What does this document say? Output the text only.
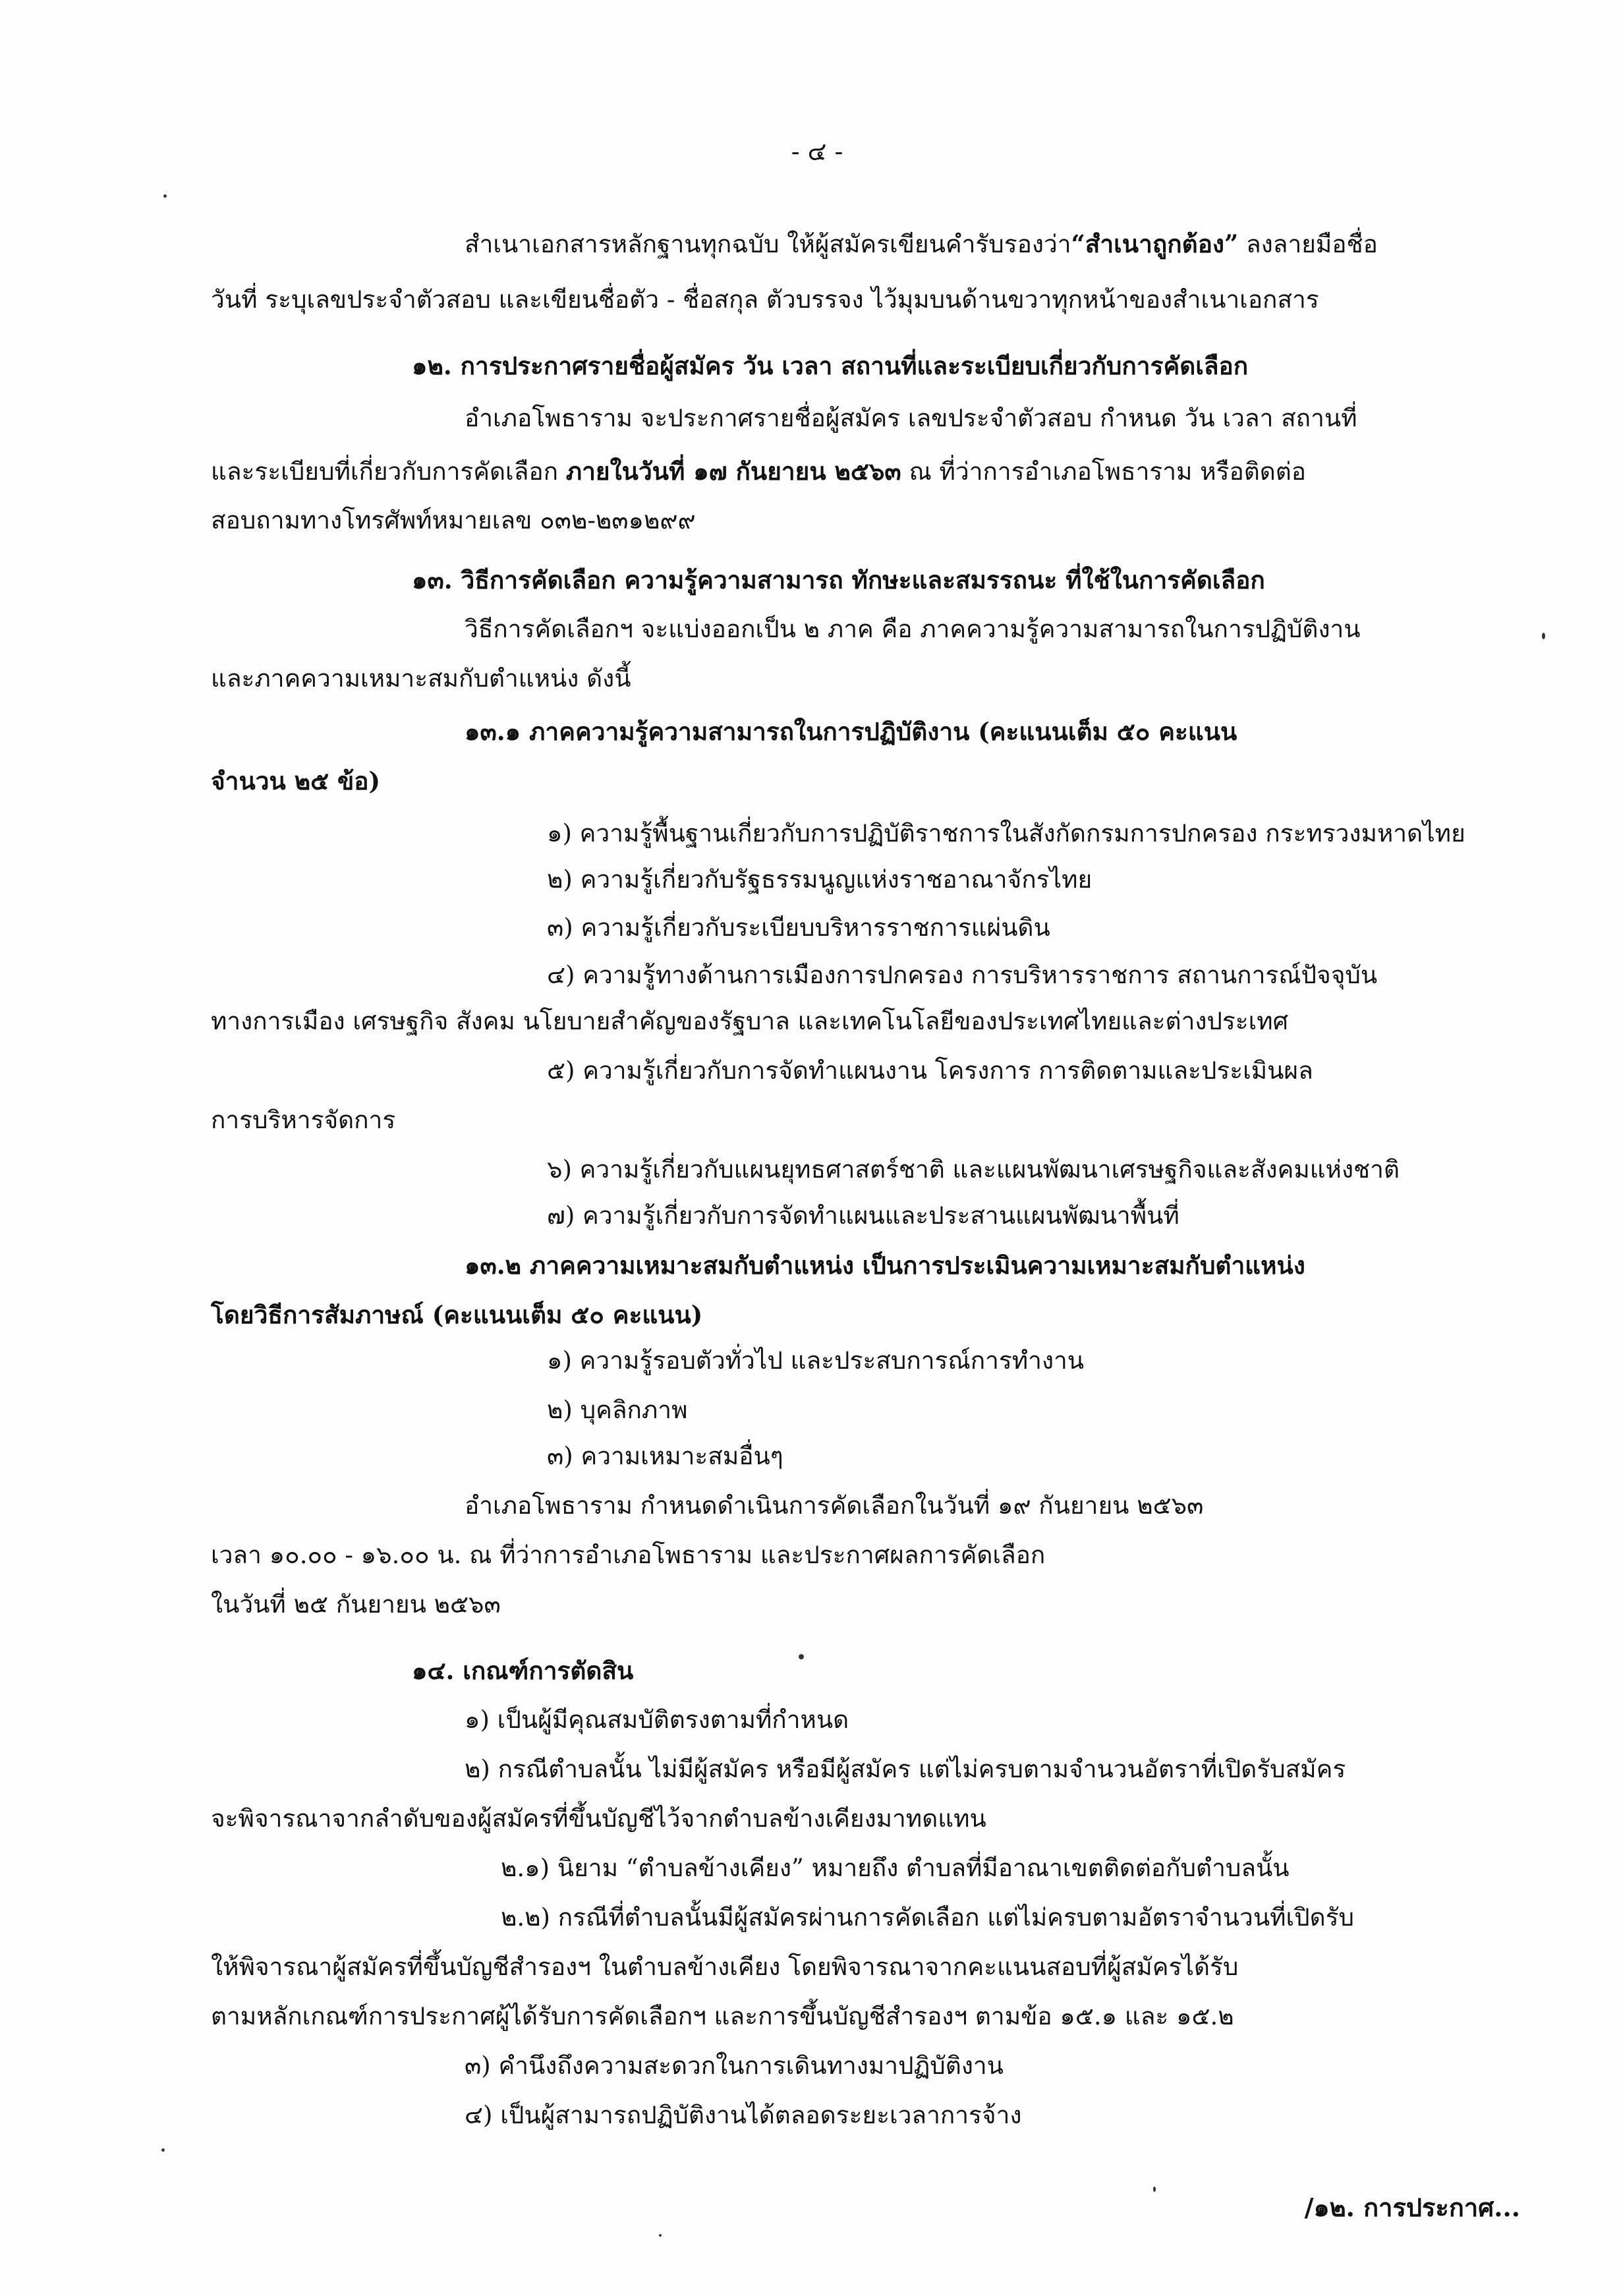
- ๔ -
สำเนาเอกสารหลักฐานทุกฉบับ ให้ผู้สมัครเขียนคำรับรองว่า“สำเนาถูกต้อง” ลงลายมือชื่อ
วันที่ ระบุเลขประจำตัวสอบ และเขียนชื่อตัว - ชื่อสกุล ตัวบรรจง ไว้มุมบนด้านขวาทุกหน้าของสำเนาเอกสาร
๑๒. การประกาศรายชื่อผู้สมัคร วัน เวลา สถานที่และระเบียบเกี่ยวกับการคัดเลือก
อำเภอโพธาราม จะประกาศรายชื่อผู้สมัคร เลขประจำตัวสอบ กำหนด วัน เวลา สถานที่
และระเบียบที่เกี่ยวกับการคัดเลือก ภายในวันที่ ๑๗ กันยายน ๒๕๖๓ ณ ที่ว่าการอำเภอโพธาราม หรือติดต่อ
สอบถามทางโทรศัพท์หมายเลข ๐๓๒-๒๓๑๒๙๙
๑๓. วิธีการคัดเลือก ความรู้ความสามารถ ทักษะและสมรรถนะ ที่ใช้ในการคัดเลือก
วิธีการคัดเลือกฯ จะแบ่งออกเป็น ๒ ภาค คือ ภาคความรู้ความสามารถในการปฏิบัติงาน
และภาคความเหมาะสมกับตำแหน่ง ดังนี้
๑๓.๑ ภาคความรู้ความสามารถในการปฏิบัติงาน (คะแนนเต็ม ๕๐ คะแนน
จำนวน ๒๕ ข้อ)
๑) ความรู้พื้นฐานเกี่ยวกับการปฏิบัติราชการในสังกัดกรมการปกครอง กระทรวงมหาดไทย
๒) ความรู้เกี่ยวกับรัฐธรรมนูญแห่งราชอาณาจักรไทย
๓) ความรู้เกี่ยวกับระเบียบบริหารราชการแผ่นดิน
๔) ความรู้ทางด้านการเมืองการปกครอง การบริหารราชการ สถานการณ์ปัจจุบัน
ทางการเมือง เศรษฐกิจ สังคม นโยบายสำคัญของรัฐบาล และเทคโนโลยีของประเทศไทยและต่างประเทศ
๕) ความรู้เกี่ยวกับการจัดทำแผนงาน โครงการ การติดตามและประเมินผล
การบริหารจัดการ
๖) ความรู้เกี่ยวกับแผนยุทธศาสตร์ชาติ และแผนพัฒนาเศรษฐกิจและสังคมแห่งชาติ
๗) ความรู้เกี่ยวกับการจัดทำแผนและประสานแผนพัฒนาพื้นที่
๑๓.๒ ภาคความเหมาะสมกับตำแหน่ง เป็นการประเมินความเหมาะสมกับตำแหน่ง
โดยวิธีการสัมภาษณ์ (คะแนนเต็ม ๕๐ คะแนน)
๑) ความรู้รอบตัวทั่วไป และประสบการณ์การทำงาน
๒) บุคลิกภาพ
๓) ความเหมาะสมอื่นๆ
อำเภอโพธาราม กำหนดดำเนินการคัดเลือกในวันที่ ๑๙ กันยายน ๒๕๖๓
เวลา ๑๐.๐๐ - ๑๖.๐๐ น. ณ ที่ว่าการอำเภอโพธาราม และประกาศผลการคัดเลือก
ในวันที่ ๒๕ กันยายน ๒๕๖๓
๑๔. เกณฑ์การตัดสิน
๑) เป็นผู้มีคุณสมบัติตรงตามที่กำหนด
๒) กรณีตำบลนั้น ไม่มีผู้สมัคร หรือมีผู้สมัคร แต่ไม่ครบตามจำนวนอัตราที่เปิดรับสมัคร
จะพิจารณาจากลำดับของผู้สมัครที่ขึ้นบัญชีไว้จากตำบลข้างเคียงมาทดแทน
๒.๑) นิยาม “ตำบลข้างเคียง” หมายถึง ตำบลที่มีอาณาเขตติดต่อกับตำบลนั้น
๒.๒) กรณีที่ตำบลนั้นมีผู้สมัครผ่านการคัดเลือก แต่ไม่ครบตามอัตราจำนวนที่เปิดรับ
ให้พิจารณาผู้สมัครที่ขึ้นบัญชีสำรองฯ ในตำบลข้างเคียง โดยพิจารณาจากคะแนนสอบที่ผู้สมัครได้รับ
ตามหลักเกณฑ์การประกาศผู้ได้รับการคัดเลือกฯ และการขึ้นบัญชีสำรองฯ ตามข้อ ๑๕.๑ และ ๑๕.๒
๓) คำนึงถึงความสะดวกในการเดินทางมาปฏิบัติงาน
๔) เป็นผู้สามารถปฏิบัติงานได้ตลอดระยะเวลาการจ้าง
/๑๒. การประกาศ...
